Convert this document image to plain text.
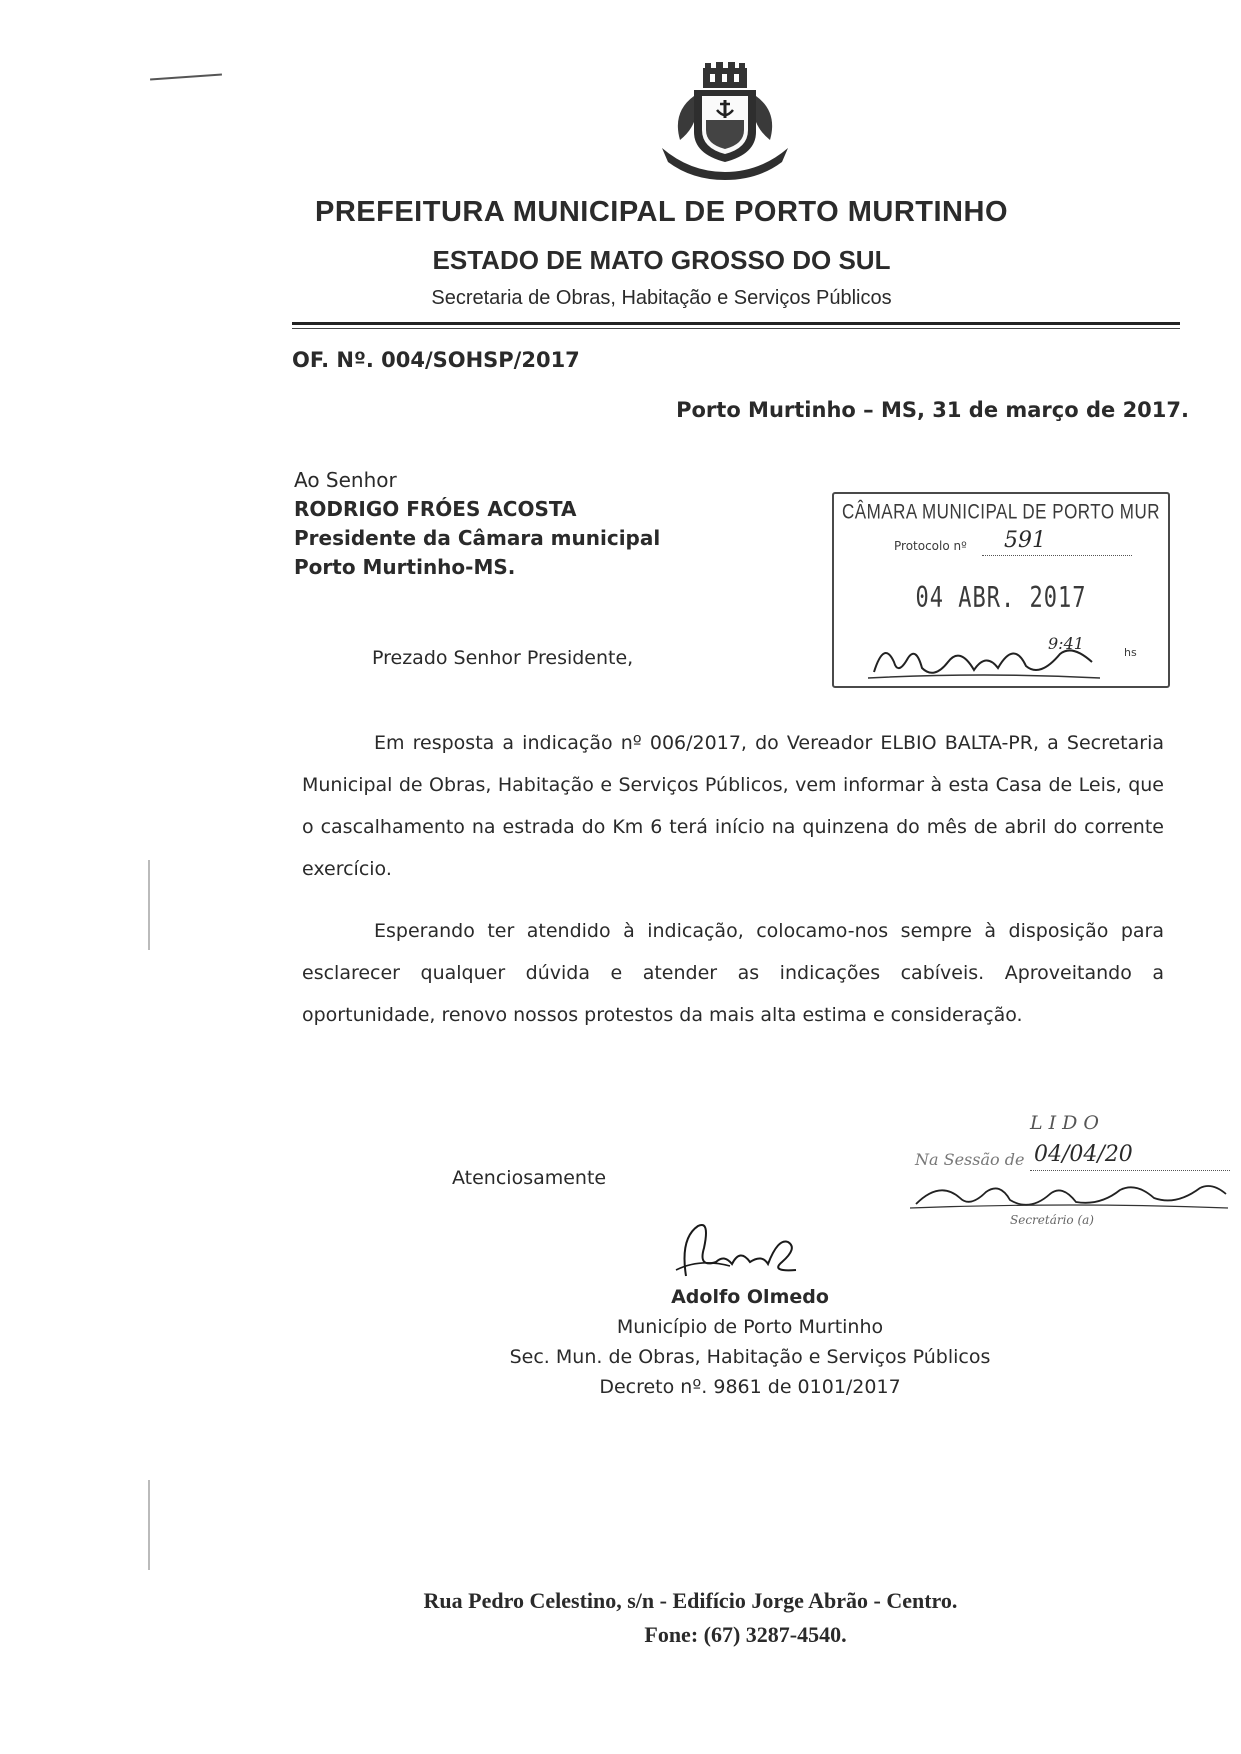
PREFEITURA MUNICIPAL DE PORTO MURTINHO
ESTADO DE MATO GROSSO DO SUL
Secretaria de Obras, Habitação e Serviços Públicos
OF. Nº. 004/SOHSP/2017
Porto Murtinho – MS, 31 de março de 2017.
Ao Senhor
RODRIGO FRÓES ACOSTA
Presidente da Câmara municipal
Porto Murtinho-MS.
CÂMARA MUNICIPAL DE PORTO MUR
Protocolo nº 591
04 ABR. 2017
9:41	hs
Prezado Senhor Presidente,
Em resposta a indicação nº 006/2017, do Vereador ELBIO BALTA-PR, a Secretaria Municipal de Obras, Habitação e Serviços Públicos, vem informar à esta Casa de Leis, que o cascalhamento na estrada do Km 6 terá início na quinzena do mês de abril do corrente exercício.
Esperando ter atendido à indicação, colocamo-nos sempre à disposição para esclarecer qualquer dúvida e atender as indicações cabíveis. Aproveitando a oportunidade, renovo nossos protestos da mais alta estima e consideração.
LIDO
Na Sessão de 04/04/20
Secretário (a)
Atenciosamente
Adolfo Olmedo
Município de Porto Murtinho
Sec. Mun. de Obras, Habitação e Serviços Públicos
Decreto nº. 9861 de 0101/2017
Rua Pedro Celestino, s/n - Edifício Jorge Abrão - Centro.
Fone: (67) 3287-4540.
